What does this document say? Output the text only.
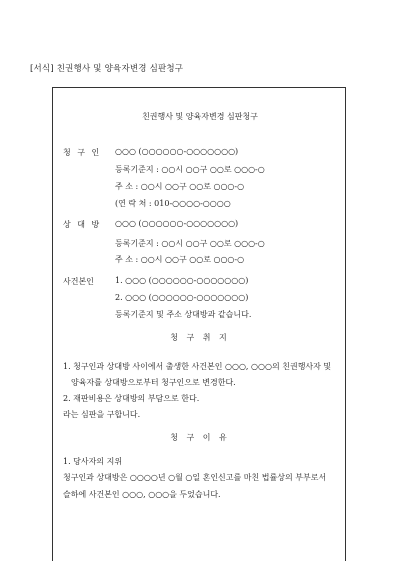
[서식] 친권행사 및 양육자변경 심판청구
친권행사 및 양육자변경 심판청구
청 구 인 ○○○ (○○○○○○-○○○○○○○)
등록기준지 : ○○시 ○○구 ○○로 ○○○-○
주 소 : ○○시 ○○구 ○○로 ○○○-○
(연 락 처 : 010-○○○○-○○○○
상 대 방 ○○○ (○○○○○○-○○○○○○○)
등록기준지 : ○○시 ○○구 ○○로 ○○○-○
주 소 : ○○시 ○○구 ○○로 ○○○-○
사건본인	1. ○○○ (○○○○○○-○○○○○○○)
2. ○○○ (○○○○○○-○○○○○○○)
등록기준지 및 주소 상대방과 같습니다.
청 구 취 지
1. 청구인과 상대방 사이에서 출생한 사건본인 ○○○, ○○○의 친권행사자 및
양육자를 상대방으로부터 청구인으로 변경한다.
2. 재판비용은 상대방의 부담으로 한다.
라는 심판을 구합니다.
청 구 이 유
1. 당사자의 지위
청구인과 상대방은 ○○○○년 ○월 ○일 혼인신고를 마친 법률상의 부부로서
슬하에 사건본인 ○○○, ○○○을 두었습니다.
